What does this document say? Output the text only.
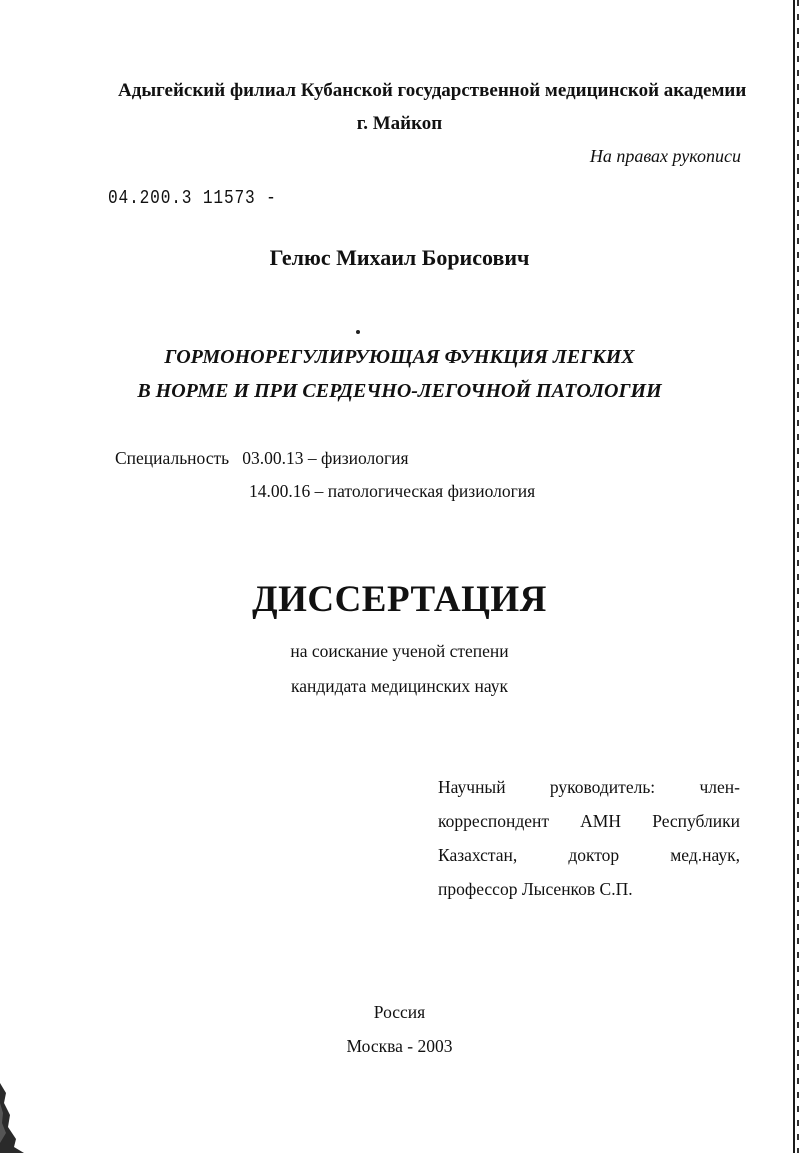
Адыгейский филиал Кубанской государственной медицинской академии
г. Майкоп
На правах рукописи
04.200.3 11573 -
Гелюс Михаил Борисович
ГОРМОНОРЕГУЛИРУЮЩАЯ ФУНКЦИЯ ЛЕГКИХ
В НОРМЕ И ПРИ СЕРДЕЧНО-ЛЕГОЧНОЙ ПАТОЛОГИИ
Специальность 03.00.13 – физиология
14.00.16 – патологическая физиология
ДИССЕРТАЦИЯ
на соискание ученой степени
кандидата медицинских наук
Научный	руководитель:	член-
корреспондент АМН Республики
Казахстан,	доктор	мед.наук,
профессор Лысенков С.П.
Россия
Москва - 2003
